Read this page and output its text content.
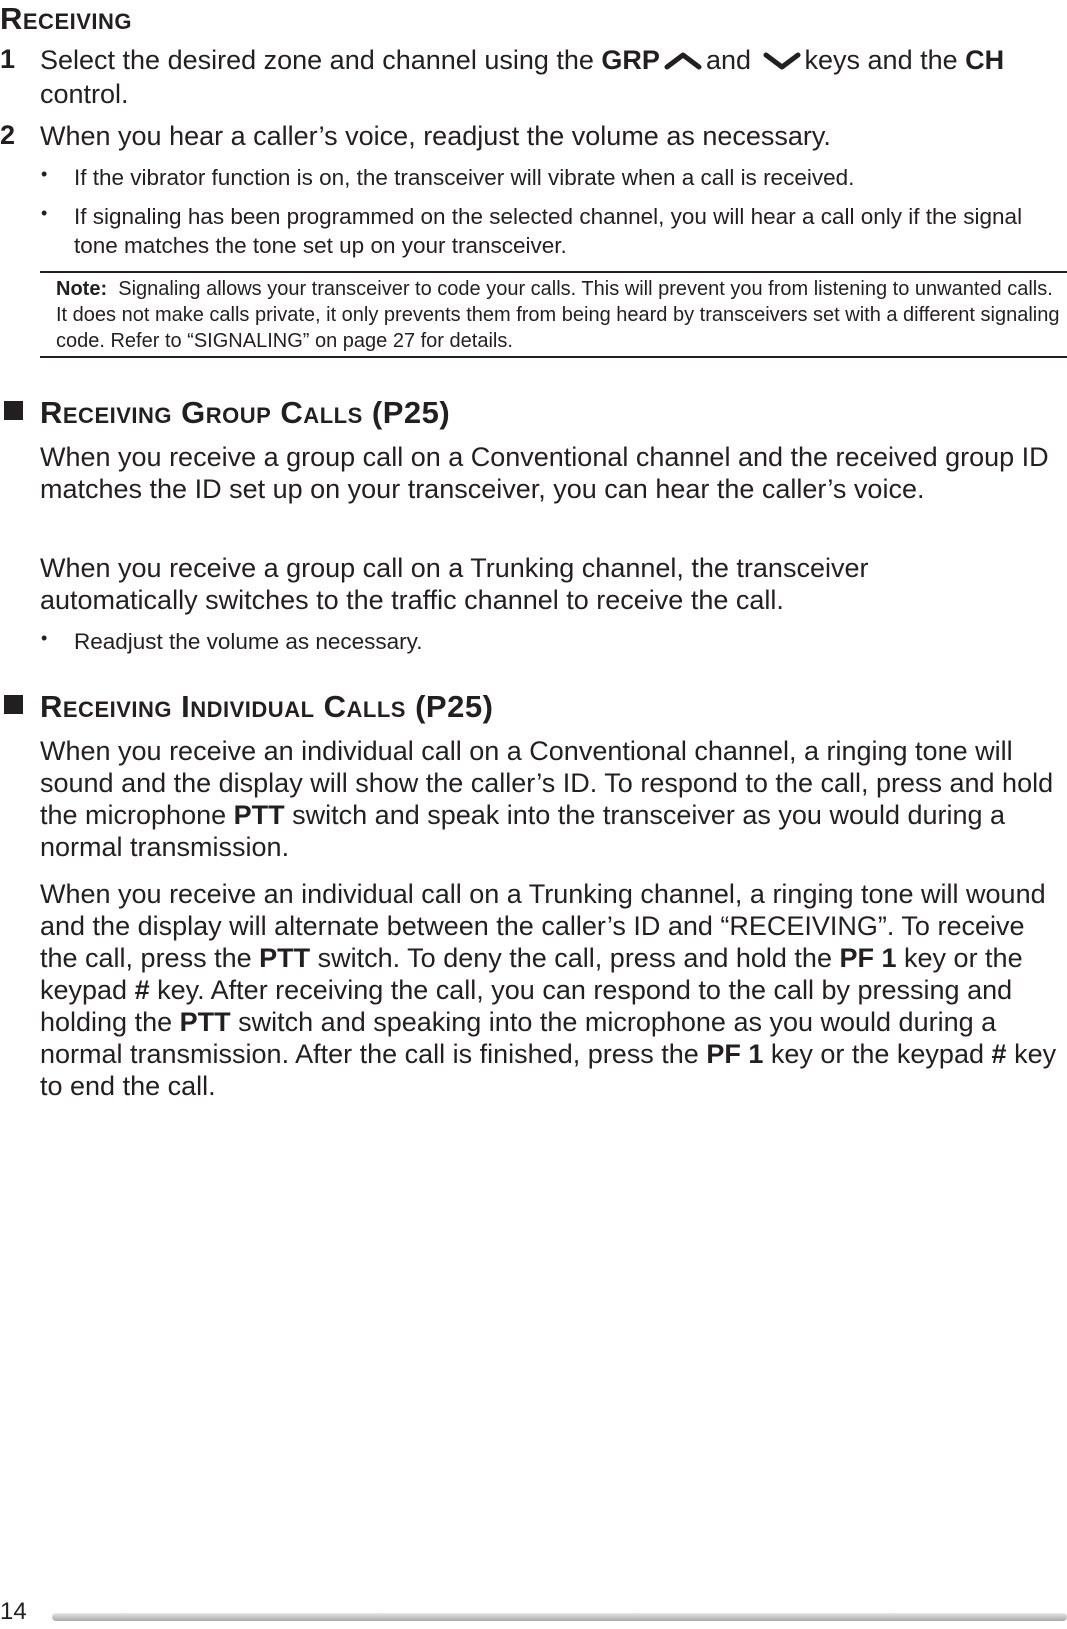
Receiving
1 Select the desired zone and channel using the GRP and keys and the CH control.

2 When you hear a caller’s voice, readjust the volume as necessary.

• If the vibrator function is on, the transceiver will vibrate when a call is received.

• If signaling has been programmed on the selected channel, you will hear a call only if the signal tone matches the tone set up on your transceiver.

Note: Signaling allows your transceiver to code your calls. This will prevent you from listening to unwanted calls. It does not make calls private, it only prevents them from being heard by transceivers set with a different signaling code. Refer to “SIGNALING” on page 27 for details.

Receiving Group Calls (P25)

When you receive a group call on a Conventional channel and the received group ID matches the ID set up on your transceiver, you can hear the caller’s voice.

When you receive a group call on a Trunking channel, the transceiver automatically switches to the traffic channel to receive the call.

• Readjust the volume as necessary.

Receiving Individual Calls (P25)

When you receive an individual call on a Conventional channel, a ringing tone will sound and the display will show the caller’s ID. To respond to the call, press and hold the microphone PTT switch and speak into the transceiver as you would during a normal transmission.

When you receive an individual call on a Trunking channel, a ringing tone will wound and the display will alternate between the caller’s ID and “RECEIVING”. To receive the call, press the PTT switch. To deny the call, press and hold the PF 1 key or the keypad # key. After receiving the call, you can respond to the call by pressing and holding the PTT switch and speaking into the microphone as you would during a normal transmission. After the call is finished, press the PF 1 key or the keypad # key to end the call.

14
